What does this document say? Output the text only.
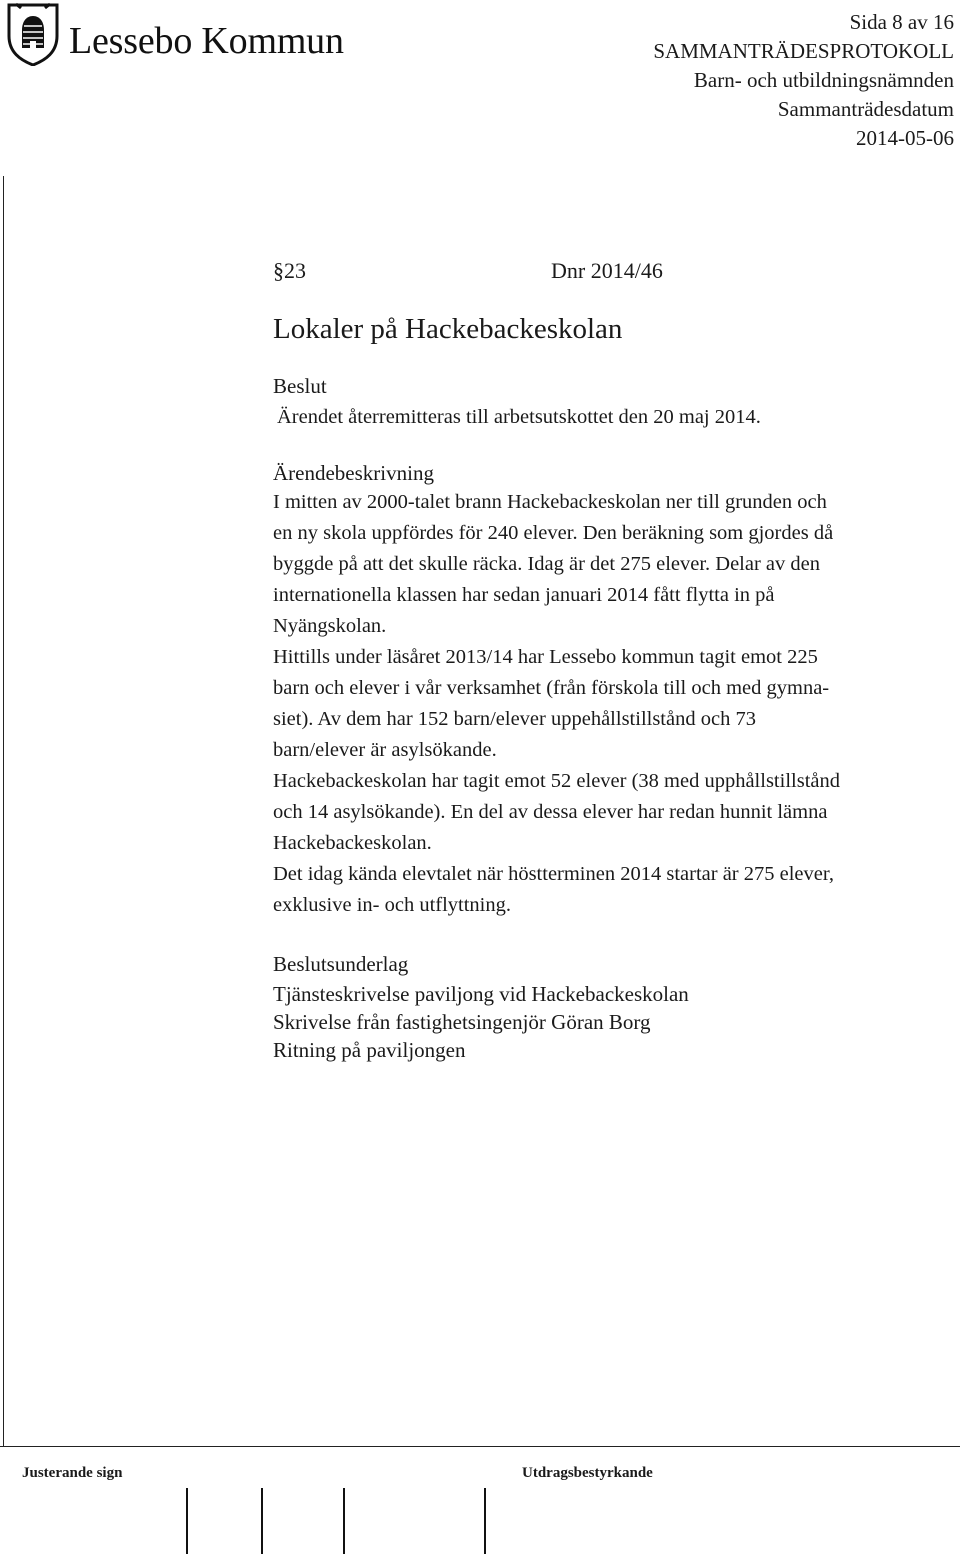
Lessebo Kommun	Sida 8 av 16
SAMMANTRÄDESPROTOKOLL
Barn- och utbildningsnämnden
Sammanträdesdatum
2014-05-06
§23	Dnr 2014/46
Lokaler på Hackebackeskolan
Beslut
Ärendet återremitteras till arbetsutskottet den 20 maj 2014.
Ärendebeskrivning
I mitten av 2000-talet brann Hackebackeskolan ner till grunden och
en ny skola uppfördes för 240 elever. Den beräkning som gjordes då
byggde på att det skulle räcka. Idag är det 275 elever. Delar av den
internationella klassen har sedan januari 2014 fått flytta in på
Nyängskolan.
Hittills under läsåret 2013/14 har Lessebo kommun tagit emot 225
barn och elever i vår verksamhet (från förskola till och med gymna-
siet). Av dem har 152 barn/elever uppehållstillstånd och 73
barn/elever är asylsökande.
Hackebackeskolan har tagit emot 52 elever (38 med upphållstillstånd
och 14 asylsökande). En del av dessa elever har redan hunnit lämna
Hackebackeskolan.
Det idag kända elevtalet när höstterminen 2014 startar är 275 elever,
exklusive in- och utflyttning.
Beslutsunderlag
Tjänsteskrivelse paviljong vid Hackebackeskolan
Skrivelse från fastighetsingenjör Göran Borg
Ritning på paviljongen
Justerande sign	Utdragsbestyrkande
